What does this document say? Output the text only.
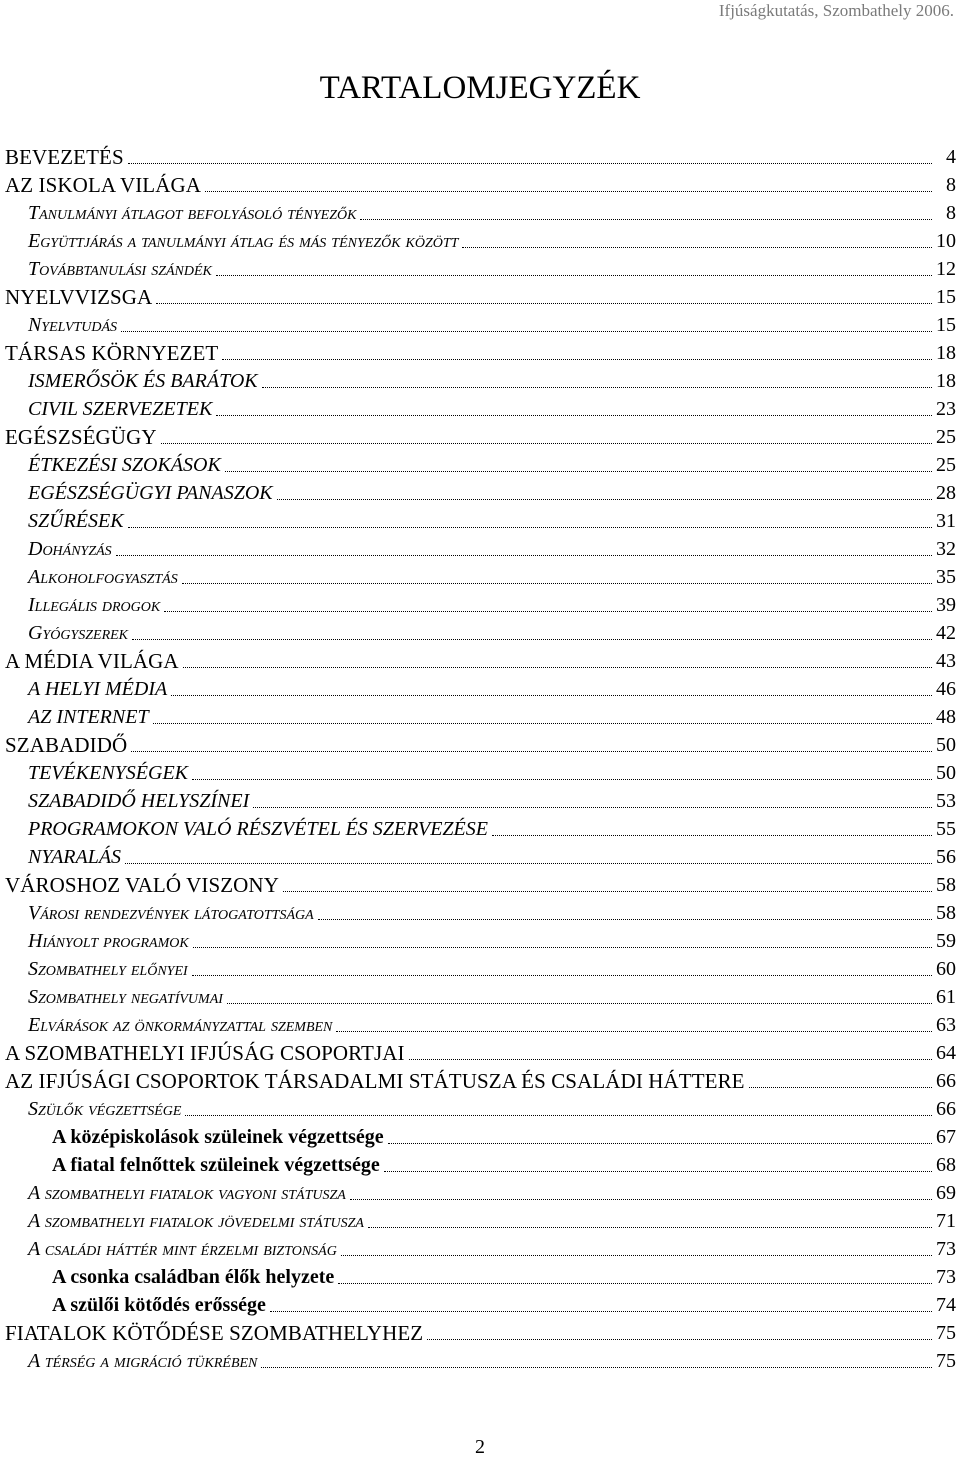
Ifjúságkutatás, Szombathely 2006.
TARTALOMJEGYZÉK
BEVEZETÉS	4
AZ ISKOLA VILÁGA	8
Tanulmányi átlagot befolyásoló tényezők	8
Együttjárás a tanulmányi átlag és más tényezők között	10
Továbbtanulási szándék	12
NYELVVIZSGA	15
Nyelvtudás	15
TÁRSAS KÖRNYEZET	18
ISMERŐSÖK ÉS BARÁTOK	18
CIVIL SZERVEZETEK	23
EGÉSZSÉGÜGY	25
ÉTKEZÉSI SZOKÁSOK	25
EGÉSZSÉGÜGYI PANASZOK	28
SZŰRÉSEK	31
Dohányzás	32
Alkoholfogyasztás	35
Illegális drogok	39
Gyógyszerek	42
A MÉDIA VILÁGA	43
A HELYI MÉDIA	46
AZ INTERNET	48
SZABADIDŐ	50
TEVÉKENYSÉGEK	50
SZABADIDŐ HELYSZÍNEI	53
PROGRAMOKON VALÓ RÉSZVÉTEL ÉS SZERVEZÉSE	55
NYARALÁS	56
VÁROSHOZ VALÓ VISZONY	58
Városi rendezvények látogatottsága	58
Hiányolt programok	59
Szombathely előnyei	60
Szombathely negatívumai	61
Elvárások az önkormányzattal szemben	63
A SZOMBATHELYI IFJÚSÁG CSOPORTJAI	64
AZ IFJÚSÁGI CSOPORTOK TÁRSADALMI STÁTUSZA ÉS CSALÁDI HÁTTERE	66
Szülők végzettsége	66
A középiskolások szüleinek végzettsége	67
A fiatal felnőttek szüleinek végzettsége	68
A szombathelyi fiatalok vagyoni státusza	69
A szombathelyi fiatalok jövedelmi státusza	71
A családi háttér mint érzelmi biztonság	73
A csonka családban élők helyzete	73
A szülői kötődés erőssége	74
FIATALOK KÖTŐDÉSE SZOMBATHELYHEZ	75
A térség a migráció tükrében	75
2
